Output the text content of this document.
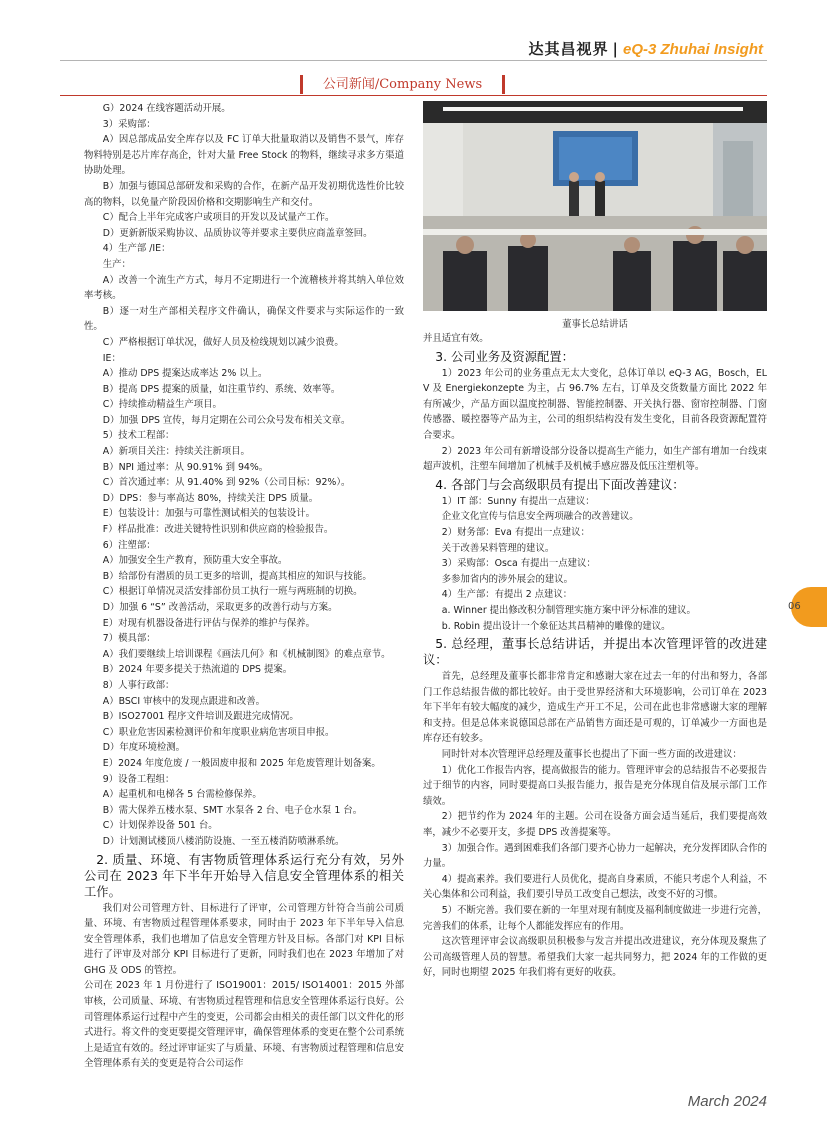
达其昌视界 | eQ-3 Zhuhai Insight
公司新闻/Company News

G）2024 在线容题活动开展。

3）采购部：

A）因总部成品安全库存以及 FC 订单大批量取消以及销售不景气，库存物料特别是芯片库存高企，针对大量 Free Stock 的物料，继续寻求多方渠道协助处理。

B）加强与德国总部研发和采购的合作，在新产品开发初期优选性价比较高的物料，以免量产阶段因价格和交期影响生产和交付。

C）配合上半年完成客户或项目的开发以及试量产工作。

D）更新新版采购协议、品质协议等并要求主要供应商盖章签回。

4）生产部 /IE：

生产：

A）改善一个流生产方式，每月不定期进行一个流稽核并将其纳入单位效率考核。

B）逐一对生产部相关程序文件确认，确保文件要求与实际运作的一致性。

C）严格根据订单状况，做好人员及检线规划以减少浪费。

IE：

A）推动 DPS 提案达成率达 2% 以上。

B）提高 DPS 提案的质量，如注重节约、系统、效率等。

C）持续推动精益生产项目。

D）加强 DPS 宣传，每月定期在公司公众号发布相关文章。

5）技术工程部：

A）新项目关注：持续关注新项目。

B）NPI 通过率：从 90.91% 到 94%。

C）首次通过率：从 91.40% 到 92%（公司目标：92%）。

D）DPS：参与率高达 80%，持续关注 DPS 质量。

E）包装设计：加强与可靠性测试相关的包装设计。

F）样品批准：改进关键特性识别和供应商的检验报告。

6）注塑部：

A）加强安全生产教育，预防重大安全事故。

B）给部份有潜质的员工更多的培训，提高其相应的知识与技能。

C）根据订单情况灵活安排部份员工执行一班与两班制的切换。

D）加强 6 “S” 改善活动，采取更多的改善行动与方案。

E）对现有机器设备进行评估与保养的维护与保养。

7）模具部：

A）我们要继续上培训课程《画法几何》和《机械制图》的难点章节。

B）2024 年要多提关于热流道的 DPS 提案。

8）人事行政部：

A）BSCI 审核中的发现点跟进和改善。

B）ISO27001 程序文件培训及跟进完成情况。

C）职业危害因素检测评价和年度职业病危害项目申报。

D）年度环境检测。

E）2024 年度危废 / 一般固废申报和 2025 年危废管理计划备案。

9）设备工程组：

A）起重机和电梯各 5 台需检修保养。

B）需大保养五楼水泵、SMT 水泵各 2 台、电子仓水泵 1 台。

C）计划保养设备 501 台。

D）计划测试楼顶八楼消防设施、一至五楼消防喷淋系统。

2. 质量、环境、有害物质管理体系运行充分有效，另外公司在 2023 年下半年开始导入信息安全管理体系的相关工作。

我们对公司管理方针、目标进行了评审，公司管理方针符合当前公司质量、环境、有害物质过程管理体系要求，同时由于 2023 年下半年导入信息安全管理体系，我们也增加了信息安全管理方针及目标。各部门对 KPI 目标进行了评审及对部分 KPI 目标进行了更新，同时我们也在 2023 年增加了对 GHG 及 ODS 的管控。

公司在 2023 年 1 月份进行了 ISO19001：2015/ ISO14001：2015 外部审核，公司质量、环境、有害物质过程管理和信息安全管理体系运行良好。公司管理体系运行过程中产生的变更，公司都会由相关的责任部门以文件化的形式进行。将文件的变更要提交管理评审，确保管理体系的变更在整个公司系统上是适宜有效的。经过评审证实了与质量、环境、有害物质过程管理和信息安全管理体系有关的变更是符合公司运作

董事长总结讲话

并且适宜有效。

3. 公司业务及资源配置：

1）2023 年公司的业务重点无太大变化，总体订单以 eQ-3 AG，Bosch，ELV 及 Energiekonzepte 为主，占 96.7% 左右，订单及交货数量方面比 2022 年有所减少，产品方面以温度控制器、智能控制器、开关执行器、窗帘控制器、门窗传感器、暖控器等产品为主，公司的组织结构没有发生变化，目前各段资源配置符合要求。

2）2023 年公司有新增设部分设备以提高生产能力，如生产部有增加一台线束超声波机，注塑车间增加了机械手及机械手感应器及低压注塑机等。

4. 各部门与会高级职员有提出下面改善建议：

1）IT 部：Sunny 有提出一点建议：

企业文化宣传与信息安全两项融合的改善建议。

2）财务部：Eva 有提出一点建议：

关于改善呆料管理的建议。

3）采购部：Osca 有提出一点建议：

多参加省内的涉外展会的建议。

4）生产部：有提出 2 点建议：

a. Winner 提出修改积分制管理实施方案中评分标准的建议。

b. Robin 提出设计一个象征达其昌精神的雕像的建议。

5. 总经理，董事长总结讲话，并提出本次管理评管的改进建议：

首先，总经理及董事长都非常肯定和感谢大家在过去一年的付出和努力，各部门工作总结报告做的都比较好。由于受世界经济和大环境影响，公司订单在 2023 年下半年有较大幅度的减少，造成生产开工不足，公司在此也非常感谢大家的理解和支持。但是总体来说德国总部在产品销售方面还是可观的，订单减少一方面也是库存还有较多。

同时针对本次管理评总经理及董事长也提出了下面一些方面的改进建议：

1）优化工作报告内容，提高做报告的能力。管理评审会的总结报告不必要报告过于细节的内容，同时要提高口头报告能力，报告是充分体现自信及展示部门工作绩效。

2）把节约作为 2024 年的主题。公司在设备方面会适当延后，我们要提高效率，减少不必要开支，多提 DPS 改善提案等。

3）加强合作。遇到困难我们各部门要齐心协力一起解决，充分发挥团队合作的力量。

4）提高素养。我们要进行人员优化，提高自身素质，不能只考虑个人利益，不关心集体和公司利益，我们要引导员工改变自己想法，改变不好的习惯。

5）不断完善。我们要在新的一年里对现有制度及福利制度做进一步进行完善，完善我们的体系，让每个人都能发挥应有的作用。

这次管理评审会议高级职员积极参与发言并提出改进建议，充分体现及聚焦了公司高级管理人员的智慧。希望我们大家一起共同努力，把 2024 年的工作做的更好，同时也期望 2025 年我们将有更好的收获。

06
March 2024
